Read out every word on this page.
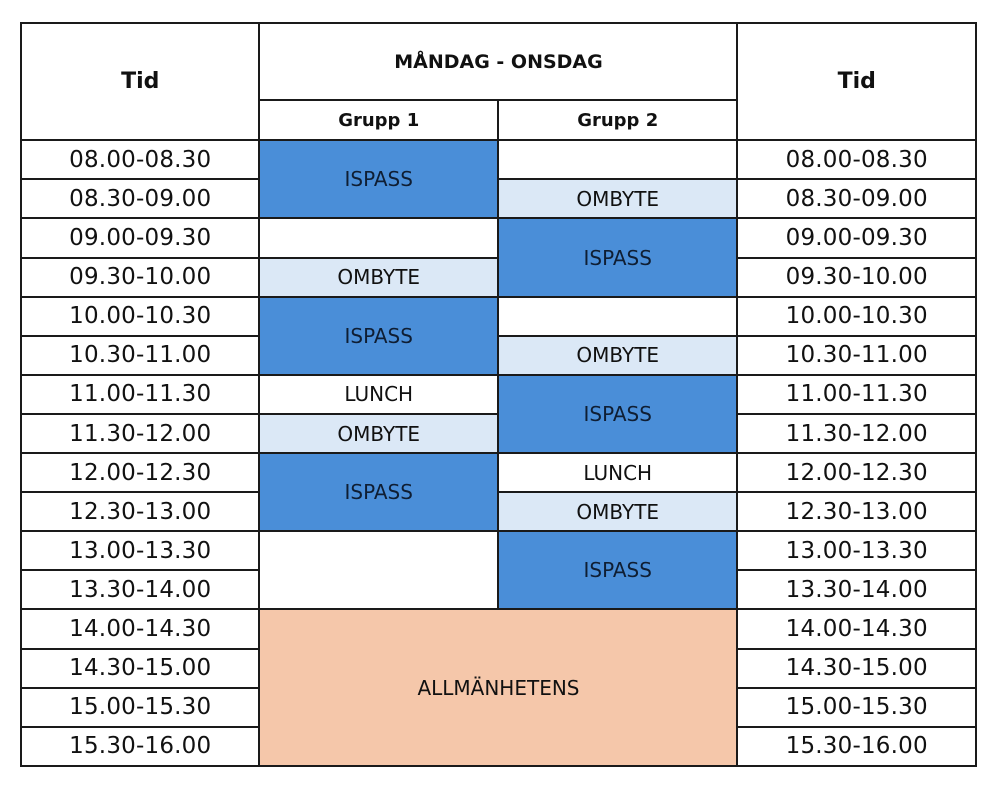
Tid	MÅNDAG - ONSDAG		Tid
	Grupp 1	Grupp 2	
08.00-08.30	ISPASS		08.00-08.30
08.30-09.00		OMBYTE	08.30-09.00
09.00-09.30		ISPASS	09.00-09.30
09.30-10.00	OMBYTE		09.30-10.00
10.00-10.30	ISPASS		10.00-10.30
10.30-11.00		OMBYTE	10.30-11.00
11.00-11.30	LUNCH	ISPASS	11.00-11.30
11.30-12.00	OMBYTE		11.30-12.00
12.00-12.30	ISPASS	LUNCH	12.00-12.30
12.30-13.00		OMBYTE	12.30-13.00
13.00-13.30		ISPASS	13.00-13.30
13.30-14.00			13.30-14.00
14.00-14.30	ALLMÄNHETENS		14.00-14.30
14.30-15.00			14.30-15.00
15.00-15.30			15.00-15.30
15.30-16.00			15.30-16.00
